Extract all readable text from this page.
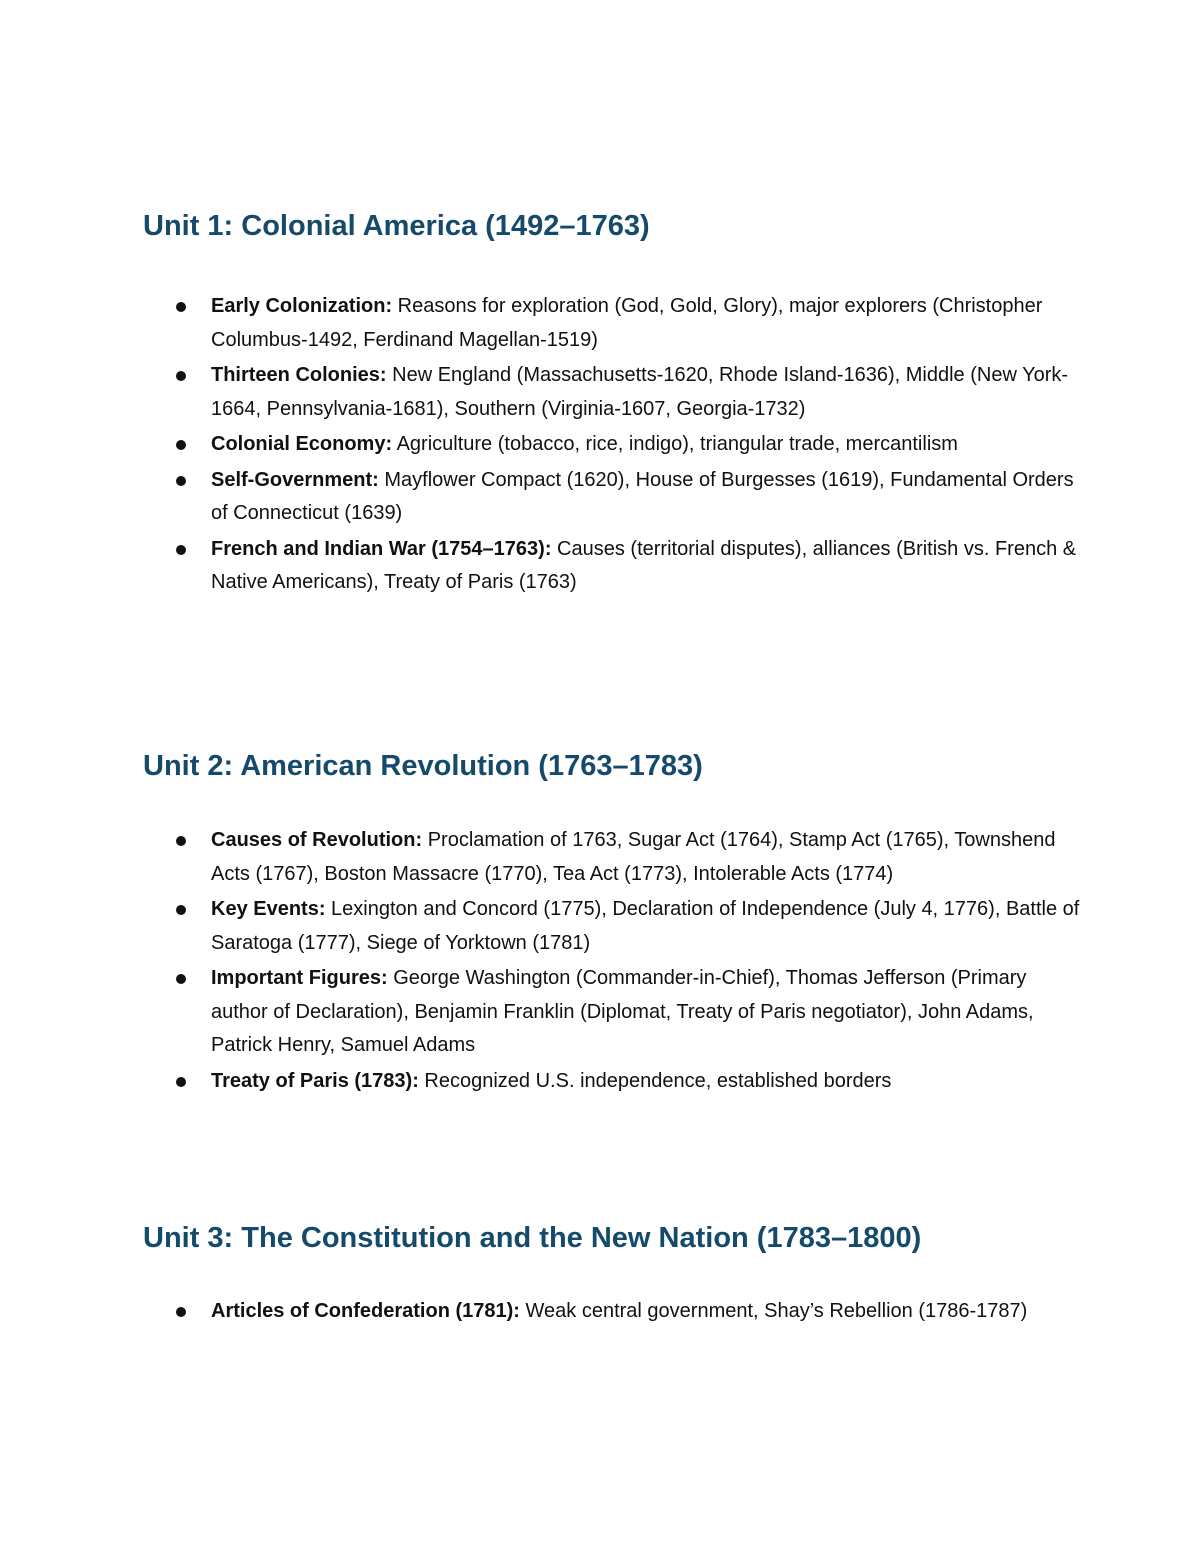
Unit 1: Colonial America (1492–1763)
Early Colonization: Reasons for exploration (God, Gold, Glory), major explorers (Christopher Columbus-1492, Ferdinand Magellan-1519)
Thirteen Colonies: New England (Massachusetts-1620, Rhode Island-1636), Middle (New York-1664, Pennsylvania-1681), Southern (Virginia-1607, Georgia-1732)
Colonial Economy: Agriculture (tobacco, rice, indigo), triangular trade, mercantilism
Self-Government: Mayflower Compact (1620), House of Burgesses (1619), Fundamental Orders of Connecticut (1639)
French and Indian War (1754–1763): Causes (territorial disputes), alliances (British vs. French & Native Americans), Treaty of Paris (1763)
Unit 2: American Revolution (1763–1783)
Causes of Revolution: Proclamation of 1763, Sugar Act (1764), Stamp Act (1765), Townshend Acts (1767), Boston Massacre (1770), Tea Act (1773), Intolerable Acts (1774)
Key Events: Lexington and Concord (1775), Declaration of Independence (July 4, 1776), Battle of Saratoga (1777), Siege of Yorktown (1781)
Important Figures: George Washington (Commander-in-Chief), Thomas Jefferson (Primary author of Declaration), Benjamin Franklin (Diplomat, Treaty of Paris negotiator), John Adams, Patrick Henry, Samuel Adams
Treaty of Paris (1783): Recognized U.S. independence, established borders
Unit 3: The Constitution and the New Nation (1783–1800)
Articles of Confederation (1781): Weak central government, Shay’s Rebellion (1786-1787)
